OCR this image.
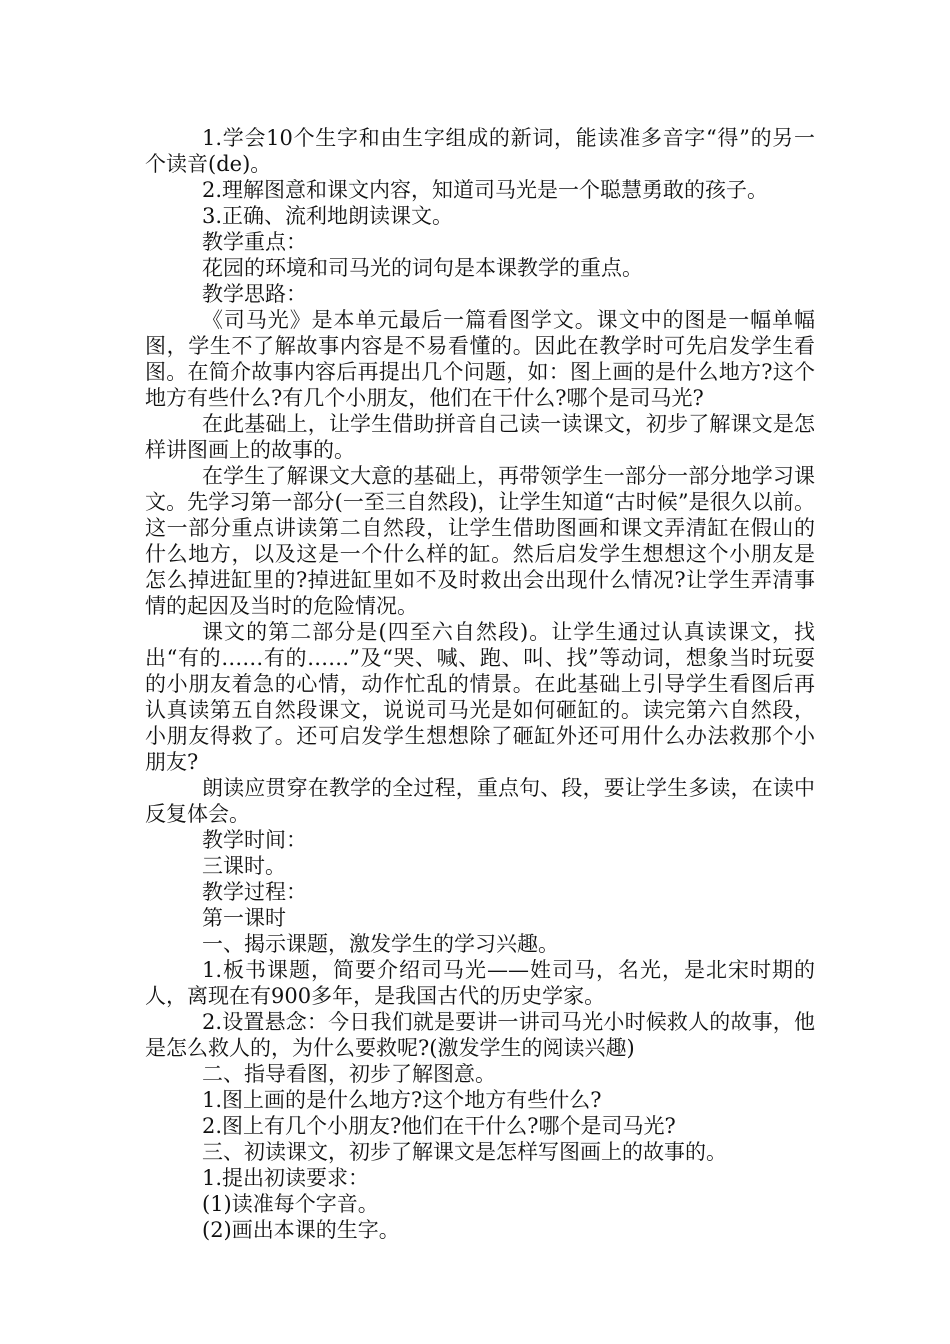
1.学会10个生字和由生字组成的新词，能读准多音字“得”的另一个读音(de)。

2.理解图意和课文内容，知道司马光是一个聪慧勇敢的孩子。

3.正确、流利地朗读课文。

教学重点：

花园的环境和司马光的词句是本课教学的重点。

教学思路：

《司马光》是本单元最后一篇看图学文。课文中的图是一幅单幅图，学生不了解故事内容是不易看懂的。因此在教学时可先启发学生看图。在简介故事内容后再提出几个问题，如：图上画的是什么地方?这个地方有些什么?有几个小朋友，他们在干什么?哪个是司马光?

在此基础上，让学生借助拼音自己读一读课文，初步了解课文是怎样讲图画上的故事的。

在学生了解课文大意的基础上，再带领学生一部分一部分地学习课文。先学习第一部分(一至三自然段)，让学生知道“古时候”是很久以前。这一部分重点讲读第二自然段，让学生借助图画和课文弄清缸在假山的什么地方，以及这是一个什么样的缸。然后启发学生想想这个小朋友是怎么掉进缸里的?掉进缸里如不及时救出会出现什么情况?让学生弄清事情的起因及当时的危险情况。

课文的第二部分是(四至六自然段)。让学生通过认真读课文，找出“有的……有的……”及“哭、喊、跑、叫、找”等动词，想象当时玩耍的小朋友着急的心情，动作忙乱的情景。在此基础上引导学生看图后再认真读第五自然段课文，说说司马光是如何砸缸的。读完第六自然段，小朋友得救了。还可启发学生想想除了砸缸外还可用什么办法救那个小朋友?

朗读应贯穿在教学的全过程，重点句、段，要让学生多读，在读中反复体会。

教学时间：

三课时。

教学过程：

第一课时

一、揭示课题，激发学生的学习兴趣。

1.板书课题，简要介绍司马光——姓司马，名光，是北宋时期的人，离现在有900多年，是我国古代的历史学家。

2.设置悬念：今日我们就是要讲一讲司马光小时候救人的故事，他是怎么救人的，为什么要救呢?(激发学生的阅读兴趣)

二、指导看图，初步了解图意。

1.图上画的是什么地方?这个地方有些什么?

2.图上有几个小朋友?他们在干什么?哪个是司马光?

三、初读课文，初步了解课文是怎样写图画上的故事的。

1.提出初读要求：

(1)读准每个字音。

(2)画出本课的生字。
